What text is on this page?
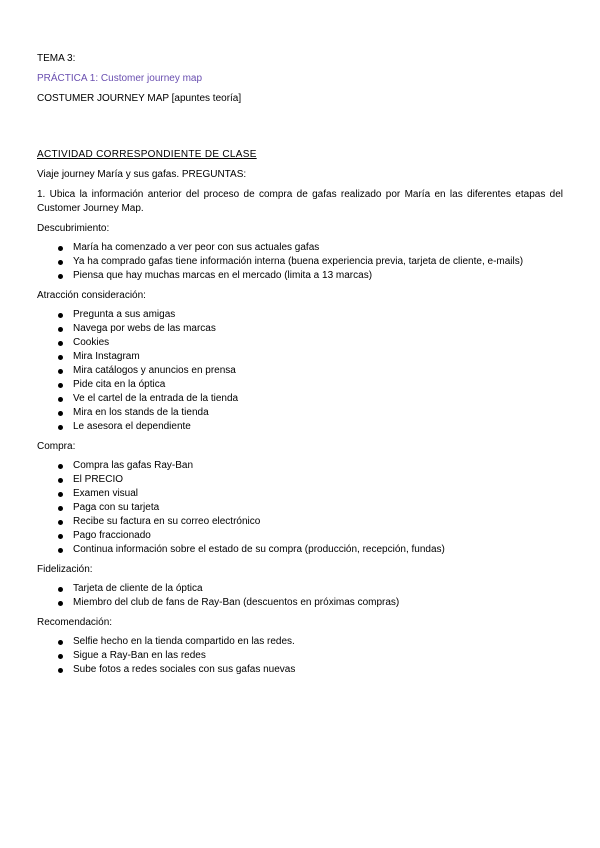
TEMA 3:
PRÁCTICA 1: Customer journey map
COSTUMER JOURNEY MAP [apuntes teoría]
ACTIVIDAD CORRESPONDIENTE DE CLASE
Viaje journey María y sus gafas. PREGUNTAS:
1. Ubica la información anterior del proceso de compra de gafas realizado por María en las diferentes etapas del Customer Journey Map.
Descubrimiento:
María ha comenzado a ver peor con sus actuales gafas
Ya ha comprado gafas tiene información interna (buena experiencia previa, tarjeta de cliente, e-mails)
Piensa que hay muchas marcas en el mercado (limita a 13 marcas)
Atracción consideración:
Pregunta a sus amigas
Navega por webs de las marcas
Cookies
Mira Instagram
Mira catálogos y anuncios en prensa
Pide cita en la óptica
Ve el cartel de la entrada de la tienda
Mira en los stands de la tienda
Le asesora el dependiente
Compra:
Compra las gafas Ray-Ban
El PRECIO
Examen visual
Paga con su tarjeta
Recibe su factura en su correo electrónico
Pago fraccionado
Continua información sobre el estado de su compra (producción, recepción, fundas)
Fidelización:
Tarjeta de cliente de la óptica
Miembro del club de fans de Ray-Ban (descuentos en próximas compras)
Recomendación:
Selfie hecho en la tienda compartido en las redes.
Sigue a Ray-Ban en las redes
Sube fotos a redes sociales con sus gafas nuevas
